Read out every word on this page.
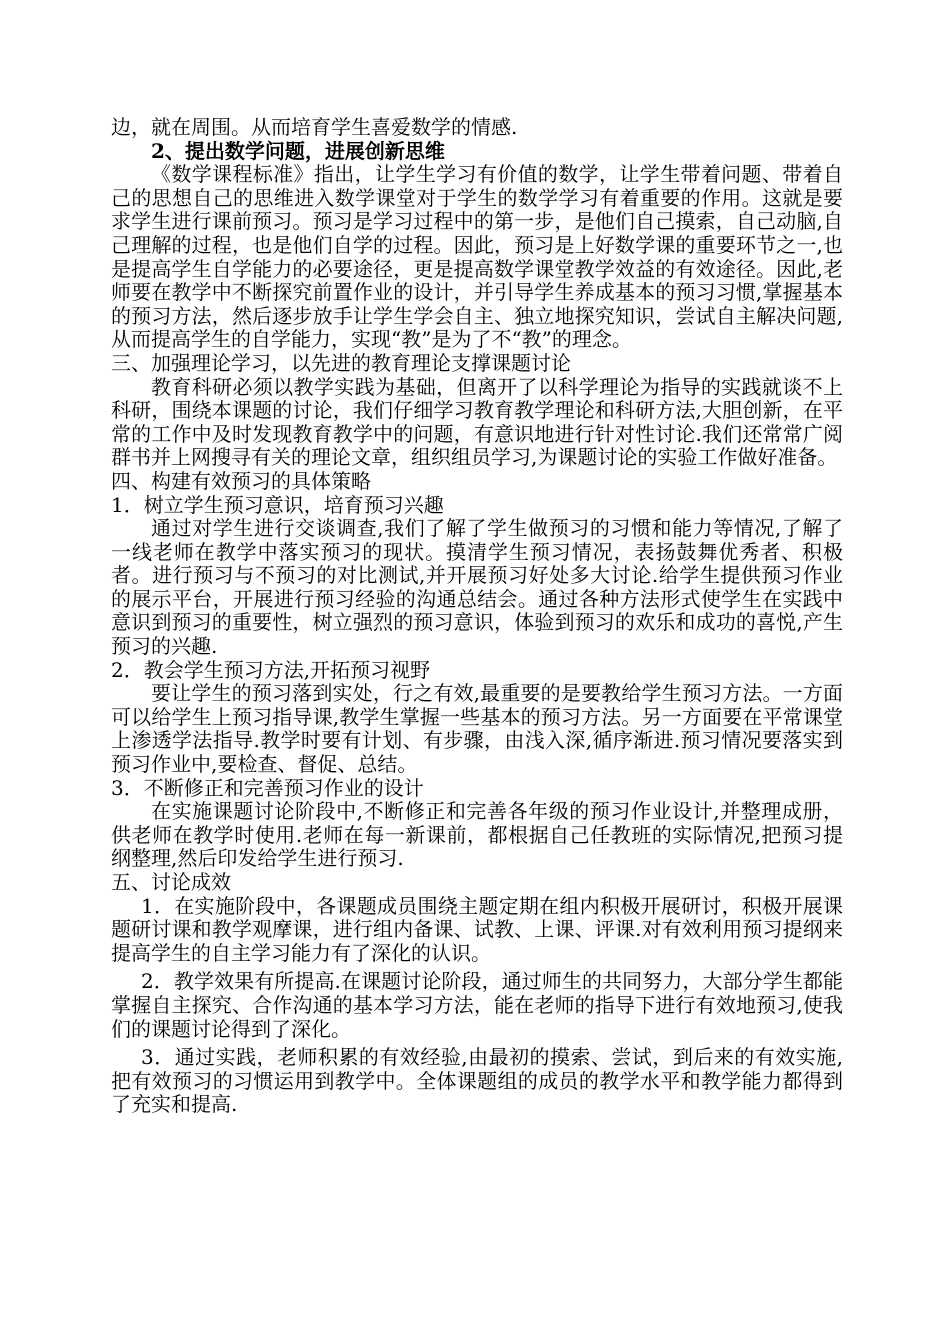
边，就在周围。从而培育学生喜爱数学的情感.

2、提出数学问题，进展创新思维

《数学课程标准》指出，让学生学习有价值的数学，让学生带着问题、带着自己的思想自己的思维进入数学课堂对于学生的数学学习有着重要的作用。这就是要求学生进行课前预习。预习是学习过程中的第一步，是他们自己摸索，自己动脑,自己理解的过程，也是他们自学的过程。因此，预习是上好数学课的重要环节之一,也是提高学生自学能力的必要途径，更是提高数学课堂教学效益的有效途径。因此,老师要在教学中不断探究前置作业的设计，并引导学生养成基本的预习习惯,掌握基本的预习方法，然后逐步放手让学生学会自主、独立地探究知识，尝试自主解决问题,从而提高学生的自学能力，实现“教”是为了不“教”的理念。

三、加强理论学习，以先进的教育理论支撑课题讨论

教育科研必须以教学实践为基础，但离开了以科学理论为指导的实践就谈不上科研，围绕本课题的讨论，我们仔细学习教育教学理论和科研方法,大胆创新，在平常的工作中及时发现教育教学中的问题，有意识地进行针对性讨论.我们还常常广阅群书并上网搜寻有关的理论文章，组织组员学习,为课题讨论的实验工作做好准备。

四、构建有效预习的具体策略

1．树立学生预习意识，培育预习兴趣

通过对学生进行交谈调查,我们了解了学生做预习的习惯和能力等情况,了解了一线老师在教学中落实预习的现状。摸清学生预习情况，表扬鼓舞优秀者、积极者。进行预习与不预习的对比测试,并开展预习好处多大讨论.给学生提供预习作业的展示平台，开展进行预习经验的沟通总结会。通过各种方法形式使学生在实践中意识到预习的重要性，树立强烈的预习意识，体验到预习的欢乐和成功的喜悦,产生预习的兴趣.

2．教会学生预习方法,开拓预习视野

要让学生的预习落到实处，行之有效,最重要的是要教给学生预习方法。一方面可以给学生上预习指导课,教学生掌握一些基本的预习方法。另一方面要在平常课堂上渗透学法指导.教学时要有计划、有步骤，由浅入深,循序渐进.预习情况要落实到预习作业中,要检查、督促、总结。

3．不断修正和完善预习作业的设计

在实施课题讨论阶段中,不断修正和完善各年级的预习作业设计,并整理成册，供老师在教学时使用.老师在每一新课前，都根据自己任教班的实际情况,把预习提纲整理,然后印发给学生进行预习.

五、讨论成效

1．在实施阶段中，各课题成员围绕主题定期在组内积极开展研讨，积极开展课题研讨课和教学观摩课，进行组内备课、试教、上课、评课.对有效利用预习提纲来提高学生的自主学习能力有了深化的认识。

2．教学效果有所提高.在课题讨论阶段，通过师生的共同努力，大部分学生都能掌握自主探究、合作沟通的基本学习方法，能在老师的指导下进行有效地预习,使我们的课题讨论得到了深化。

3．通过实践，老师积累的有效经验,由最初的摸索、尝试，到后来的有效实施,把有效预习的习惯运用到教学中。全体课题组的成员的教学水平和教学能力都得到了充实和提高.
